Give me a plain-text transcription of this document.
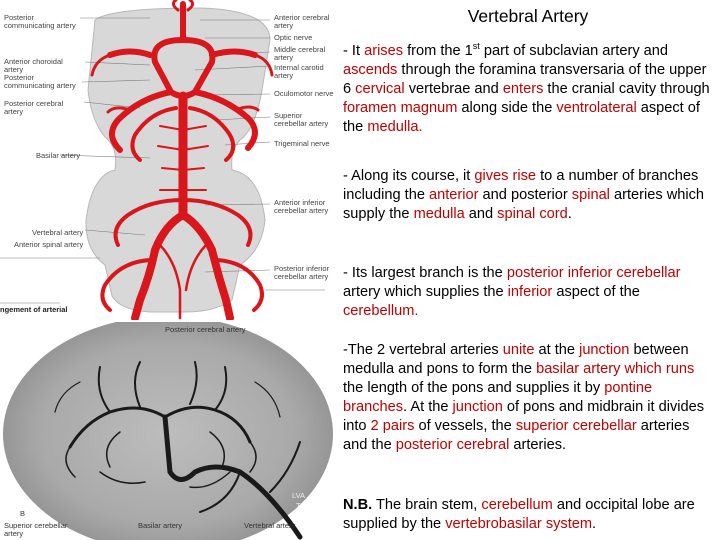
Posterior communicating artery
Anterior choroidal artery
Posterior communicating artery
Posterior cerebral artery
Basilar artery
Vertebral artery
Anterior spinal artery
ngement of arterial
Anterior cerebral artery
Optic nerve
Middle cerebral artery
Internal carotid artery
Oculomotor nerve
Superior cerebellar artery
Trigeminal nerve
Anterior inferior cerebellar artery
Posterior inferior cerebellar artery
Posterior cerebral artery
Superior cerebellar artery
Basilar artery	Vertebral artery
B
LVA
T
Vertebral Artery
- It arises from the 1st part of subclavian artery and ascends through the foramina transversaria of the upper 6 cervical vertebrae and enters the cranial cavity through foramen magnum along side the ventrolateral aspect of the medulla.
- Along its course, it gives rise to a number of branches including the anterior and posterior spinal arteries which supply the medulla and spinal cord.
- Its largest branch is the posterior inferior cerebellar artery which supplies the inferior aspect of the cerebellum.
-The 2 vertebral arteries unite at the junction between medulla and pons to form the basilar artery which runs the length of the pons and supplies it by pontine branches. At the junction of pons and midbrain it divides into 2 pairs of vessels, the superior cerebellar arteries and the posterior cerebral arteries.
N.B. The brain stem, cerebellum and occipital lobe are supplied by the vertebrobasilar system.
